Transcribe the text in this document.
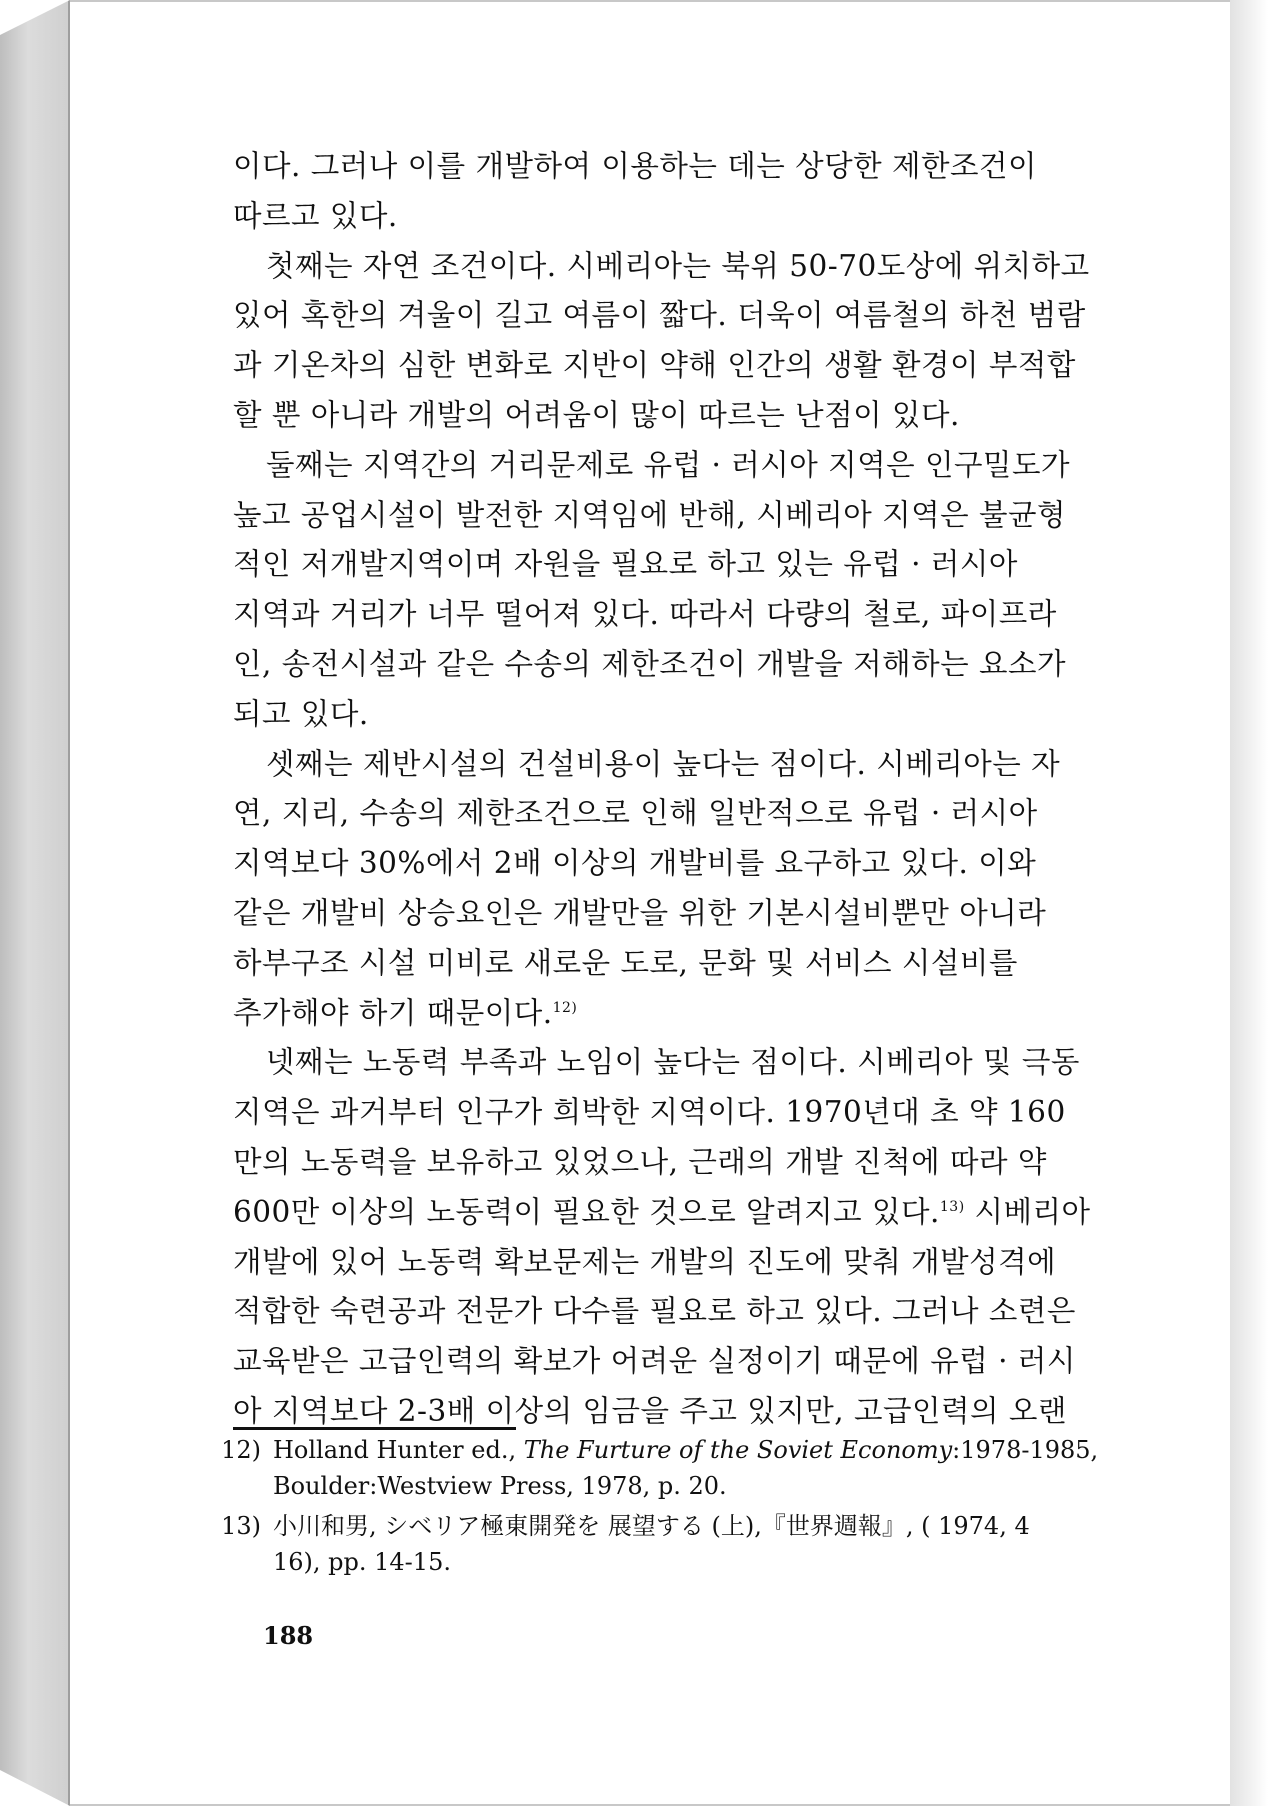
이다. 그러나 이를 개발하여 이용하는 데는 상당한 제한조건이
따르고 있다.

첫째는 자연 조건이다. 시베리아는 북위 50-70도상에 위치하고
있어 혹한의 겨울이 길고 여름이 짧다. 더욱이 여름철의 하천 범람
과 기온차의 심한 변화로 지반이 약해 인간의 생활 환경이 부적합
할 뿐 아니라 개발의 어려움이 많이 따르는 난점이 있다.

둘째는 지역간의 거리문제로 유럽 · 러시아 지역은 인구밀도가
높고 공업시설이 발전한 지역임에 반해, 시베리아 지역은 불균형
적인 저개발지역이며 자원을 필요로 하고 있는 유럽 · 러시아
지역과 거리가 너무 떨어져 있다. 따라서 다량의 철로, 파이프라
인, 송전시설과 같은 수송의 제한조건이 개발을 저해하는 요소가
되고 있다.

셋째는 제반시설의 건설비용이 높다는 점이다. 시베리아는 자
연, 지리, 수송의 제한조건으로 인해 일반적으로 유럽 · 러시아
지역보다 30%에서 2배 이상의 개발비를 요구하고 있다. 이와
같은 개발비 상승요인은 개발만을 위한 기본시설비뿐만 아니라
하부구조 시설 미비로 새로운 도로, 문화 및 서비스 시설비를
추가해야 하기 때문이다.$^{12)}$

넷째는 노동력 부족과 노임이 높다는 점이다. 시베리아 및 극동
지역은 과거부터 인구가 희박한 지역이다. 1970년대 초 약 160
만의 노동력을 보유하고 있었으나, 근래의 개발 진척에 따라 약
600만 이상의 노동력이 필요한 것으로 알려지고 있다.$^{13)}$ 시베리아
개발에 있어 노동력 확보문제는 개발의 진도에 맞춰 개발성격에
적합한 숙련공과 전문가 다수를 필요로 하고 있다. 그러나 소련은
교육받은 고급인력의 확보가 어려운 실정이기 때문에 유럽 · 러시
아 지역보다 2-3배 이상의 임금을 주고 있지만, 고급인력의 오랜

12) Holland Hunter ed., The Furture of the Soviet Economy:1978-1985,
Boulder:Westview Press, 1978, p. 20.
13) 小川和男, シベリア極東開発を 展望する (上),『世界週報』, ( 1974, 4
16), pp. 14-15.
188
